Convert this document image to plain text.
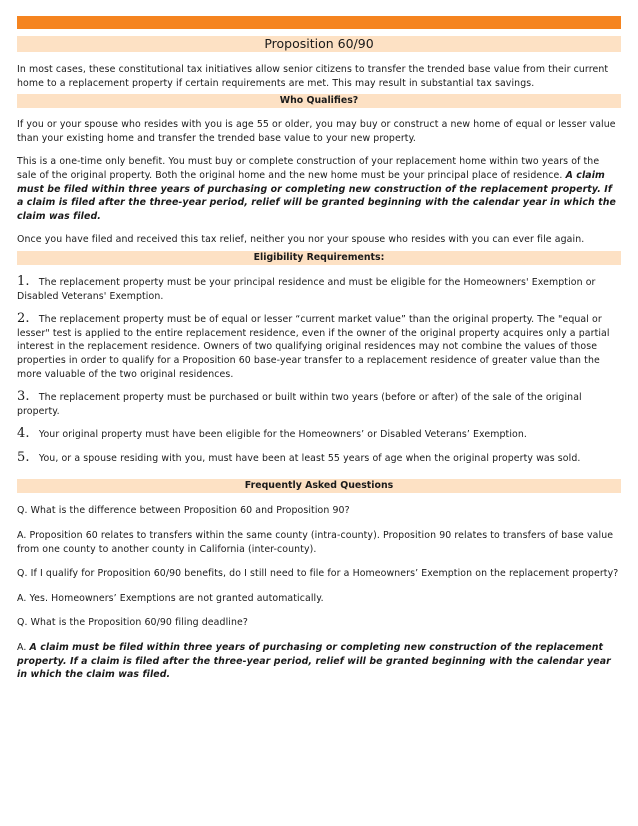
Proposition 60/90

In most cases, these constitutional tax initiatives allow senior citizens to transfer the trended base value from their current home to a replacement property if certain requirements are met. This may result in substantial tax savings.

Who Qualifies?

If you or your spouse who resides with you is age 55 or older, you may buy or construct a new home of equal or lesser value than your existing home and transfer the trended base value to your new property.

This is a one-time only benefit. You must buy or complete construction of your replacement home within two years of the sale of the original property. Both the original home and the new home must be your principal place of residence. A claim must be filed within three years of purchasing or completing new construction of the replacement property. If a claim is filed after the three-year period, relief will be granted beginning with the calendar year in which the claim was filed.

Once you have filed and received this tax relief, neither you nor your spouse who resides with you can ever file again.

Eligibility Requirements:

1. The replacement property must be your principal residence and must be eligible for the Homeowners' Exemption or Disabled Veterans' Exemption.

2. The replacement property must be of equal or lesser “current market value” than the original property. The "equal or lesser" test is applied to the entire replacement residence, even if the owner of the original property acquires only a partial interest in the replacement residence. Owners of two qualifying original residences may not combine the values of those properties in order to qualify for a Proposition 60 base-year transfer to a replacement residence of greater value than the more valuable of the two original residences.

3. The replacement property must be purchased or built within two years (before or after) of the sale of the original property.

4. Your original property must have been eligible for the Homeowners’ or Disabled Veterans’ Exemption.

5. You, or a spouse residing with you, must have been at least 55 years of age when the original property was sold.

Frequently Asked Questions

Q. What is the difference between Proposition 60 and Proposition 90?

A. Proposition 60 relates to transfers within the same county (intra-county). Proposition 90 relates to transfers of base value from one county to another county in California (inter-county).

Q. If I qualify for Proposition 60/90 benefits, do I still need to file for a Homeowners’ Exemption on the replacement property?

A. Yes. Homeowners’ Exemptions are not granted automatically.

Q. What is the Proposition 60/90 filing deadline?

A. A claim must be filed within three years of purchasing or completing new construction of the replacement property. If a claim is filed after the three-year period, relief will be granted beginning with the calendar year in which the claim was filed.
